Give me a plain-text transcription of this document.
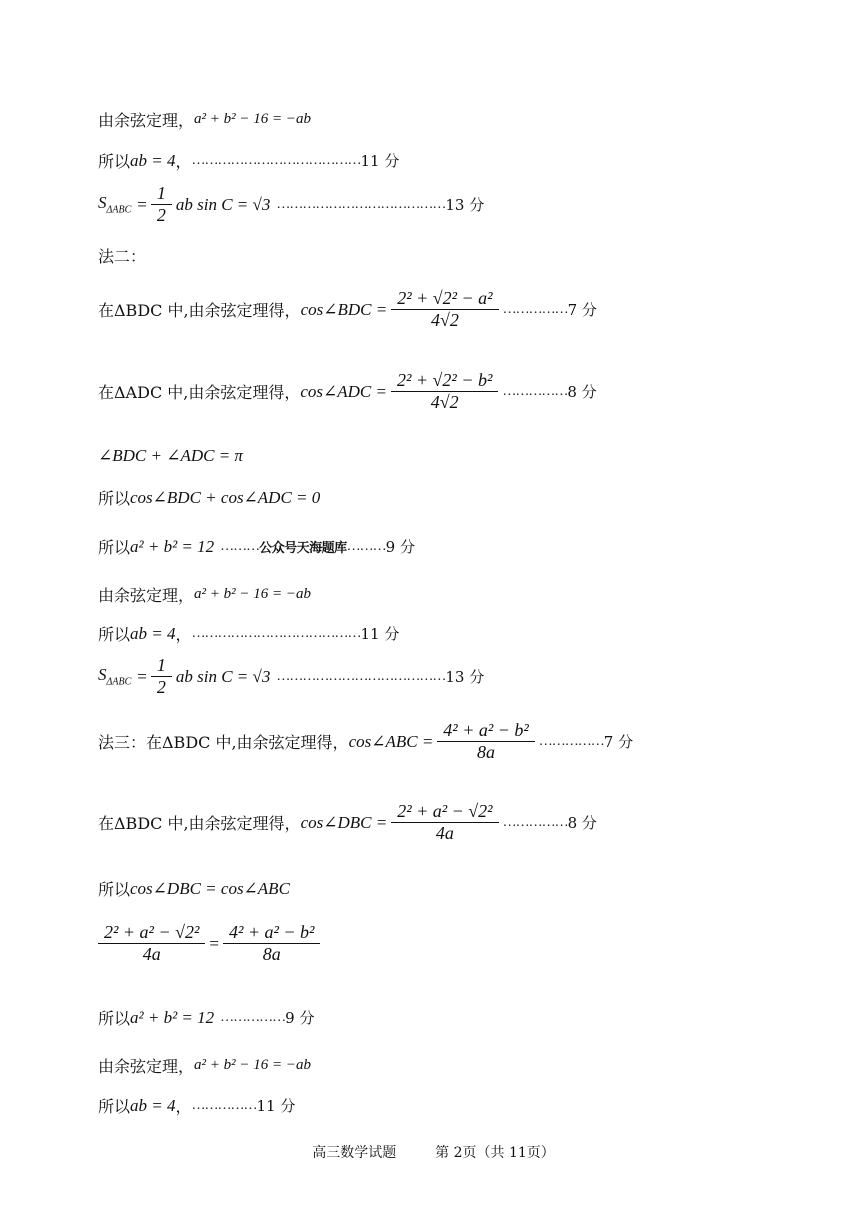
由余弦定理， a² + b² − 16 = −ab
所以 ab = 4 ， ………………………………… 11 分
$S_{\Delta ABC} = \frac{1}{2}$ ab sin C = √3 ………………………………… 13 分
法二：
在ΔBDC 中,由余弦定理得， cos∠BDC = $\frac{\text{2² + √2² − a²}}{4√2}$ …………… 7 分
在ΔADC 中,由余弦定理得， cos∠ADC = $\frac{\text{2² + √2² − b²}}{4√2}$ …………… 8 分
∠BDC + ∠ADC = π
所以 cos∠BDC + cos∠ADC = 0
所以 a² + b² = 12 ……… 公众号天海题库 ……… 9 分
由余弦定理， a² + b² − 16 = −ab
所以 ab = 4 ， ………………………………… 11 分
$S_{\Delta ABC} = \frac{1}{2}$ ab sin C = √3 ………………………………… 13 分
法三：在ΔBDC 中,由余弦定理得， cos∠ABC = $\frac{\text{4² + a² − b²}}{8a}$ …………… 7 分
在ΔBDC 中,由余弦定理得， cos∠DBC = $\frac{\text{2² + a² − √2²}}{4a}$ …………… 8 分
所以 cos∠DBC = cos∠ABC
$\frac{\text{2² + a² − √2²}}{4a} = \frac{\text{4² + a² − b²}}{8a}$
所以 a² + b² = 12 …………… 9 分
由余弦定理， a² + b² − 16 = −ab
所以 ab = 4 ， …………… 11 分
高三数学试题	第 2页（共 11页）
